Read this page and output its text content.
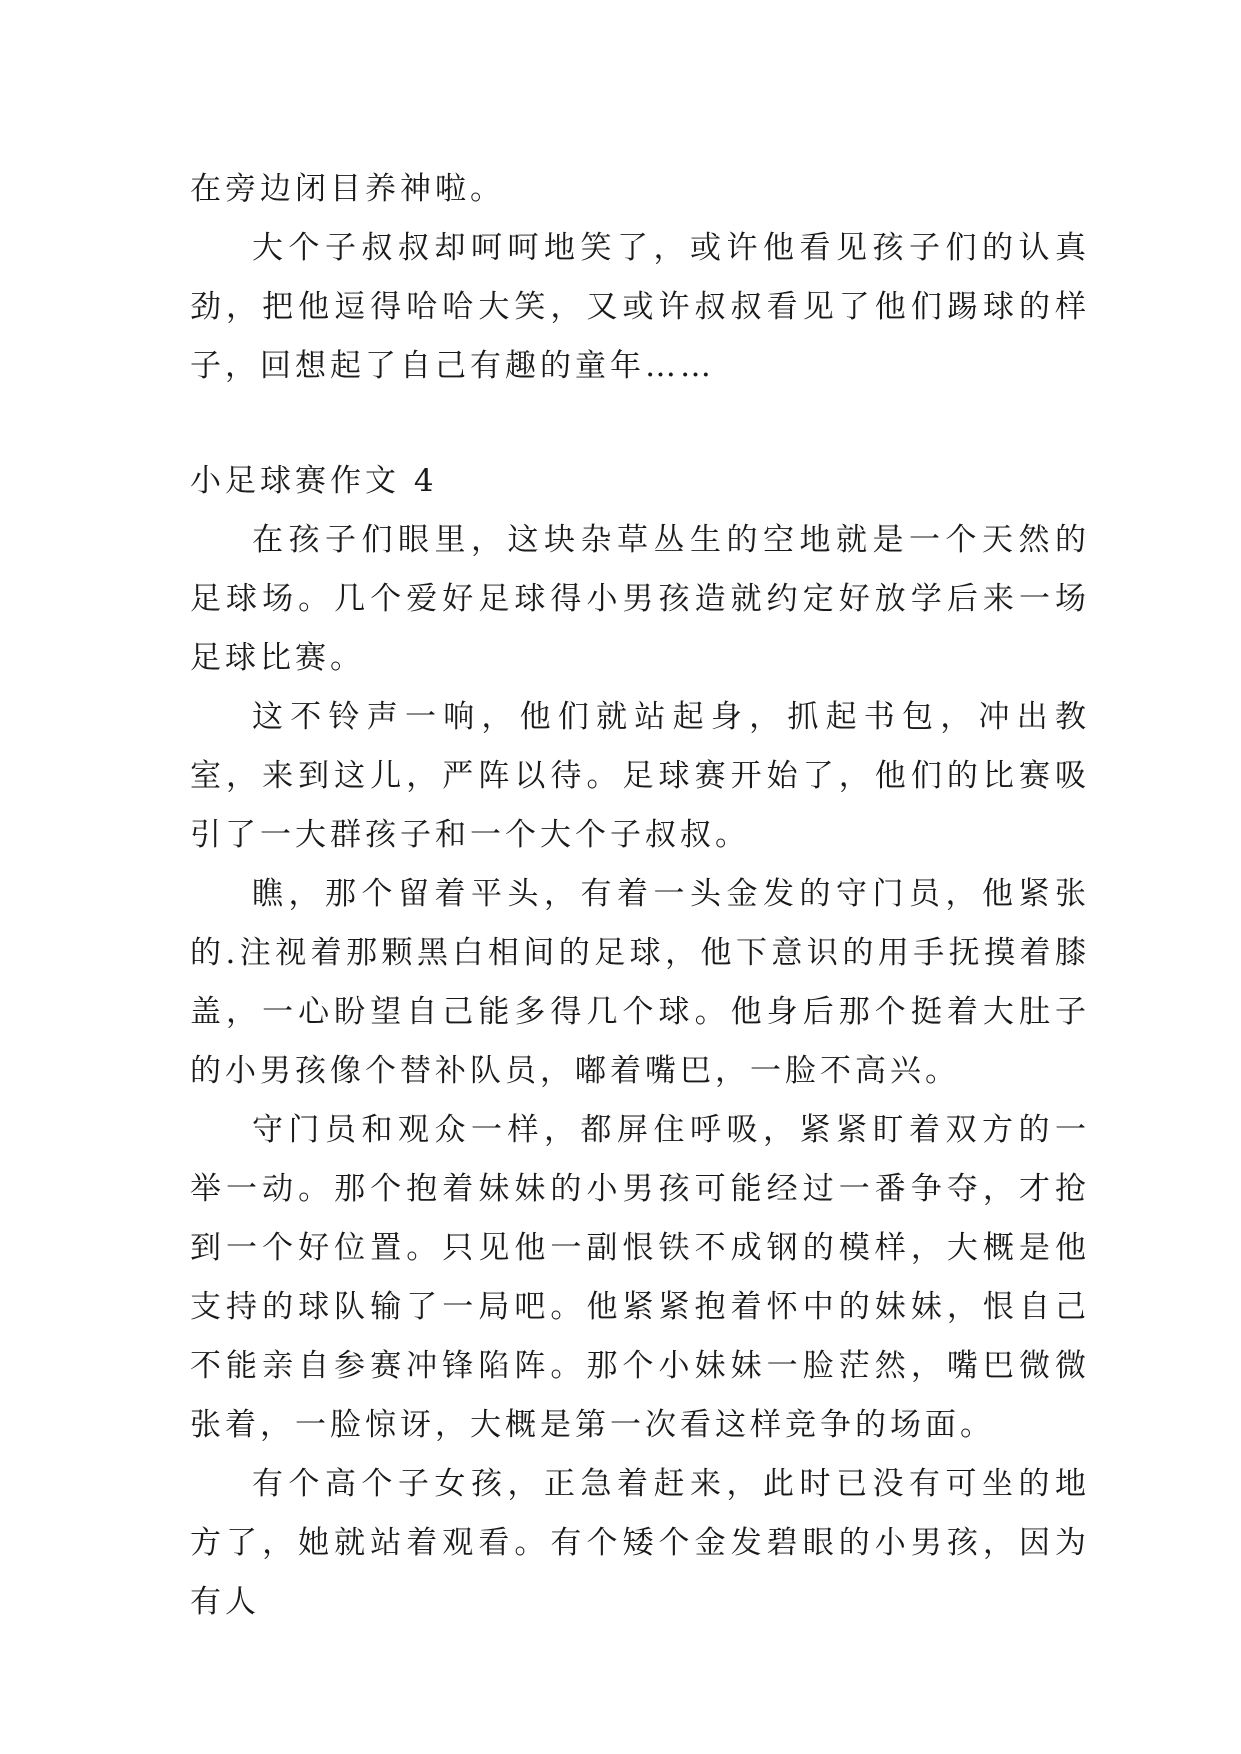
在旁边闭目养神啦。

大个子叔叔却呵呵地笑了，或许他看见孩子们的认真劲，把他逗得哈哈大笑，又或许叔叔看见了他们踢球的样子，回想起了自己有趣的童年……

小足球赛作文 4

在孩子们眼里，这块杂草丛生的空地就是一个天然的足球场。几个爱好足球得小男孩造就约定好放学后来一场足球比赛。

这不铃声一响，他们就站起身，抓起书包，冲出教室，来到这儿，严阵以待。足球赛开始了，他们的比赛吸引了一大群孩子和一个大个子叔叔。

瞧，那个留着平头，有着一头金发的守门员，他紧张的.注视着那颗黑白相间的足球，他下意识的用手抚摸着膝盖，一心盼望自己能多得几个球。他身后那个挺着大肚子的小男孩像个替补队员，嘟着嘴巴，一脸不高兴。

守门员和观众一样，都屏住呼吸，紧紧盯着双方的一举一动。那个抱着妹妹的小男孩可能经过一番争夺，才抢到一个好位置。只见他一副恨铁不成钢的模样，大概是他支持的球队输了一局吧。他紧紧抱着怀中的妹妹，恨自己不能亲自参赛冲锋陷阵。那个小妹妹一脸茫然，嘴巴微微张着，一脸惊讶，大概是第一次看这样竞争的场面。

有个高个子女孩，正急着赶来，此时已没有可坐的地方了，她就站着观看。有个矮个金发碧眼的小男孩，因为有人
